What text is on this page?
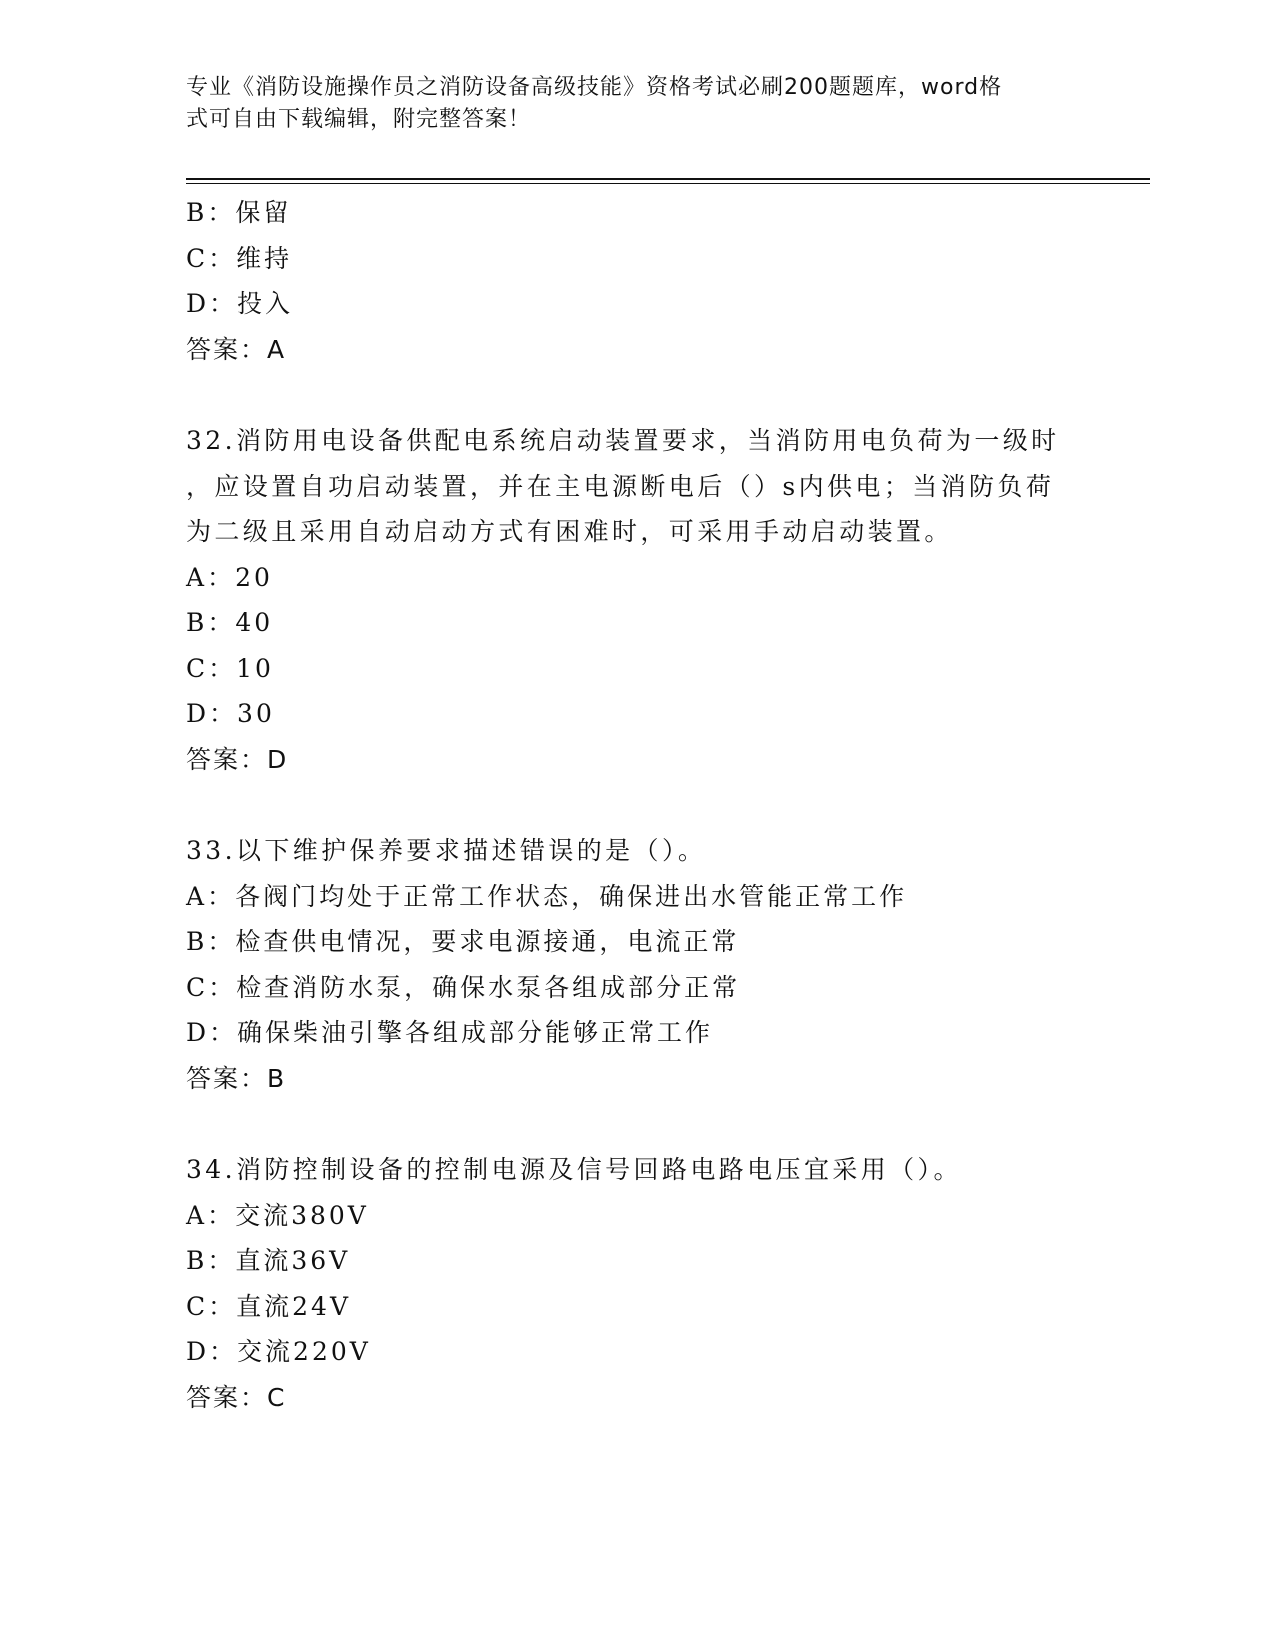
专业《消防设施操作员之消防设备高级技能》资格考试必刷200题题库，word格
式可自由下载编辑，附完整答案！
B：保留
C：维持
D：投入
答案：A
32.消防用电设备供配电系统启动装置要求，当消防用电负荷为一级时
，应设置自功启动装置，并在主电源断电后（）s内供电；当消防负荷
为二级且采用自动启动方式有困难时，可采用手动启动装置。
A：20
B：40
C：10
D：30
答案：D
33.以下维护保养要求描述错误的是（）。
A：各阀门均处于正常工作状态，确保进出水管能正常工作
B：检查供电情况，要求电源接通，电流正常
C：检查消防水泵，确保水泵各组成部分正常
D：确保柴油引擎各组成部分能够正常工作
答案：B
34.消防控制设备的控制电源及信号回路电路电压宜采用（）。
A：交流380V
B：直流36V
C：直流24V
D：交流220V
答案：C
